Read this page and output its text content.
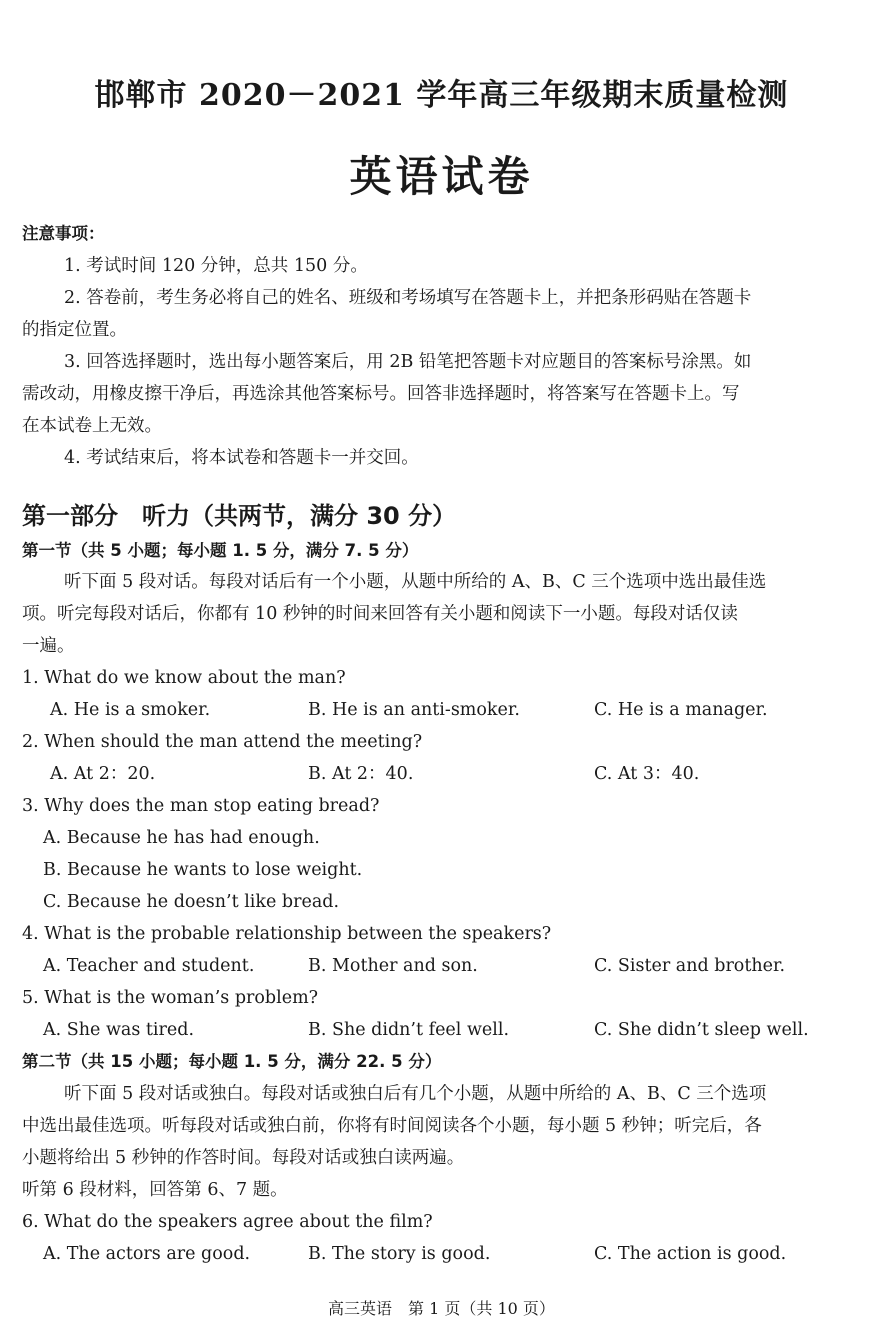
邯郸市 2020－2021 学年高三年级期末质量检测
英语试卷
注意事项：
1. 考试时间 120 分钟，总共 150 分。
2. 答卷前，考生务必将自己的姓名、班级和考场填写在答题卡上，并把条形码贴在答题卡
的指定位置。
3. 回答选择题时，选出每小题答案后，用 2B 铅笔把答题卡对应题目的答案标号涂黑。如
需改动，用橡皮擦干净后，再选涂其他答案标号。回答非选择题时，将答案写在答题卡上。写
在本试卷上无效。
4. 考试结束后，将本试卷和答题卡一并交回。
第一部分　听力（共两节，满分 30 分）
第一节（共 5 小题；每小题 1. 5 分，满分 7. 5 分）
听下面 5 段对话。每段对话后有一个小题，从题中所给的 A、B、C 三个选项中选出最佳选
项。听完每段对话后，你都有 10 秒钟的时间来回答有关小题和阅读下一小题。每段对话仅读
一遍。
1. What do we know about the man?
A. He is a smoker.	B. He is an anti-smoker.	C. He is a manager.
2. When should the man attend the meeting?
A. At 2：20.	B. At 2：40.	C. At 3：40.
3. Why does the man stop eating bread?
A. Because he has had enough.
B. Because he wants to lose weight.
C. Because he doesn’t like bread.
4. What is the probable relationship between the speakers?
A. Teacher and student.	B. Mother and son.	C. Sister and brother.
5. What is the woman’s problem?
A. She was tired.	B. She didn’t feel well.	C. She didn’t sleep well.
第二节（共 15 小题；每小题 1. 5 分，满分 22. 5 分）
听下面 5 段对话或独白。每段对话或独白后有几个小题，从题中所给的 A、B、C 三个选项
中选出最佳选项。听每段对话或独白前，你将有时间阅读各个小题，每小题 5 秒钟；听完后，各
小题将给出 5 秒钟的作答时间。每段对话或独白读两遍。
听第 6 段材料，回答第 6、7 题。
6. What do the speakers agree about the film?
A. The actors are good.	B. The story is good.	C. The action is good.
高三英语　第 1 页（共 10 页）
